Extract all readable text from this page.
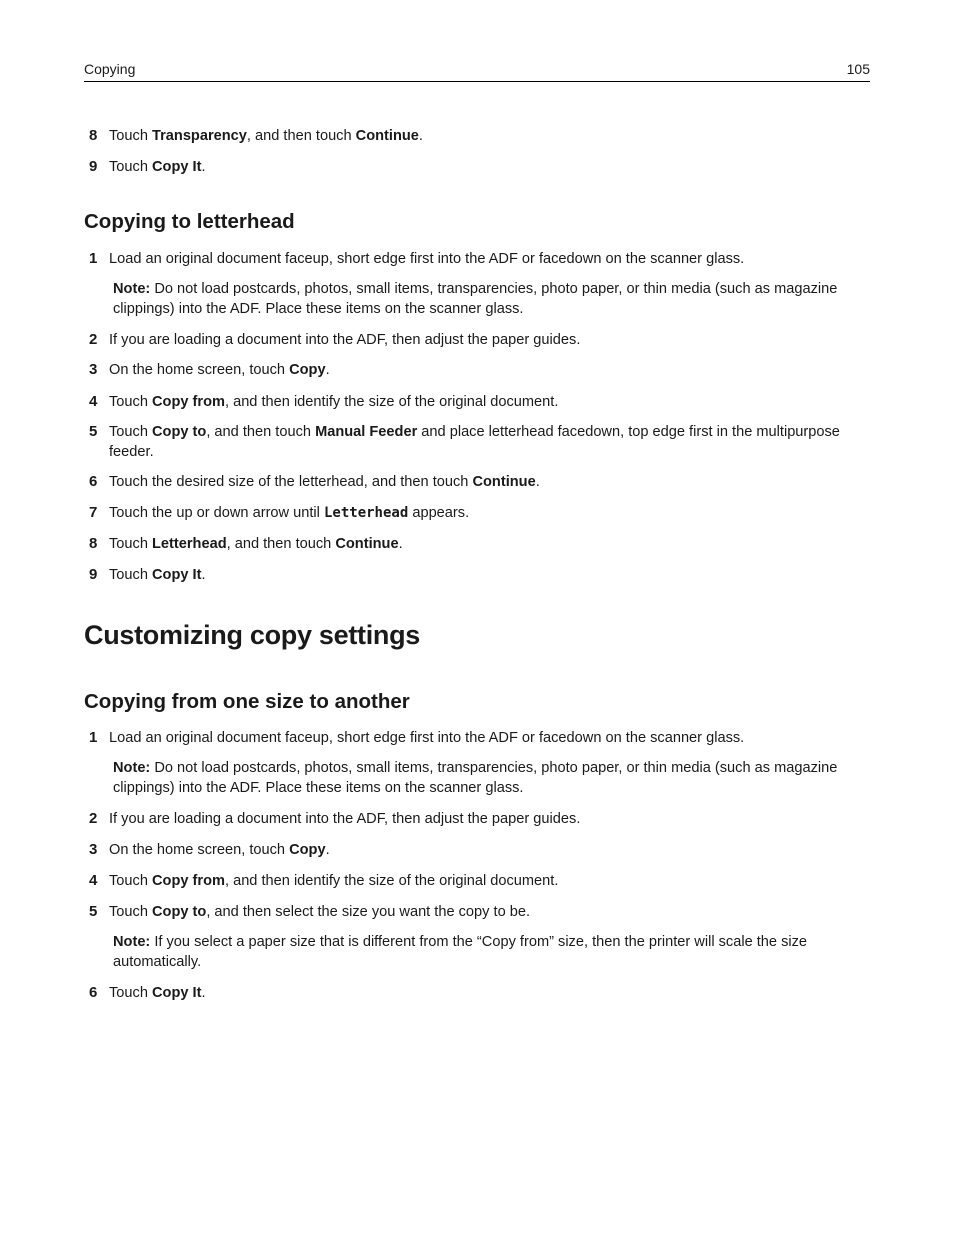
Copying	105
8 Touch Transparency, and then touch Continue.
9 Touch Copy It.
Copying to letterhead
1 Load an original document faceup, short edge first into the ADF or facedown on the scanner glass.
Note: Do not load postcards, photos, small items, transparencies, photo paper, or thin media (such as magazine clippings) into the ADF. Place these items on the scanner glass.
2 If you are loading a document into the ADF, then adjust the paper guides.
3 On the home screen, touch Copy.
4 Touch Copy from, and then identify the size of the original document.
5 Touch Copy to, and then touch Manual Feeder and place letterhead facedown, top edge first in the multipurpose feeder.
6 Touch the desired size of the letterhead, and then touch Continue.
7 Touch the up or down arrow until Letterhead appears.
8 Touch Letterhead, and then touch Continue.
9 Touch Copy It.
Customizing copy settings
Copying from one size to another
1 Load an original document faceup, short edge first into the ADF or facedown on the scanner glass.
Note: Do not load postcards, photos, small items, transparencies, photo paper, or thin media (such as magazine clippings) into the ADF. Place these items on the scanner glass.
2 If you are loading a document into the ADF, then adjust the paper guides.
3 On the home screen, touch Copy.
4 Touch Copy from, and then identify the size of the original document.
5 Touch Copy to, and then select the size you want the copy to be.
Note: If you select a paper size that is different from the “Copy from” size, then the printer will scale the size automatically.
6 Touch Copy It.
